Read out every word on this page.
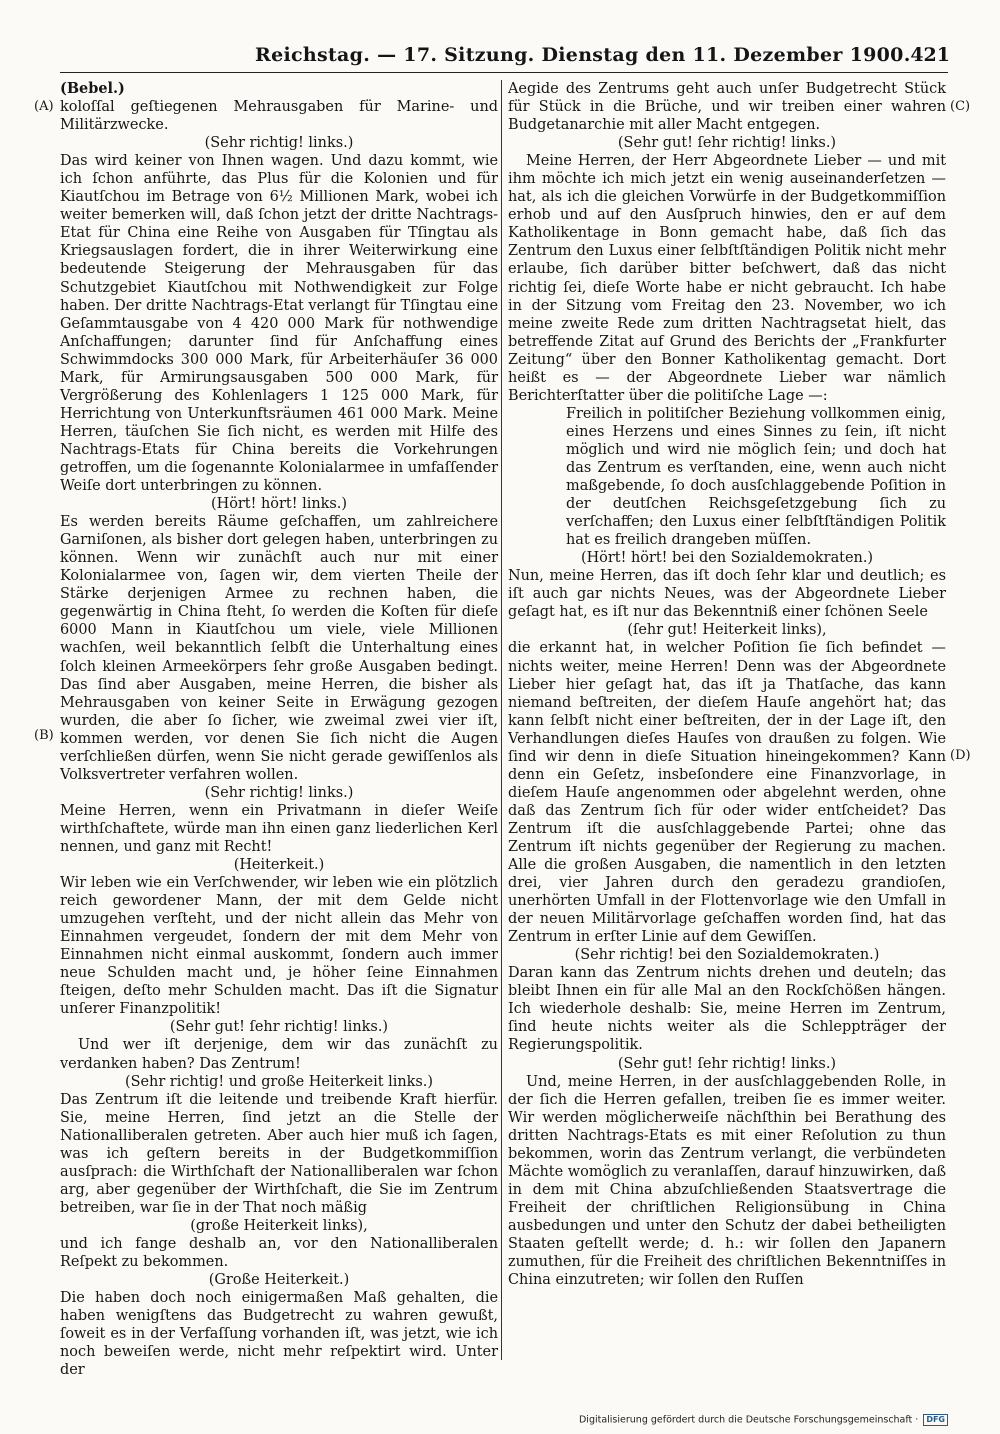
Reichstag. — 17. Sitzung. Dienstag den 11. Dezember 1900. 421
(A)
(B)
(C)
(D)

(Bebel.)

koloſſal geſtiegenen Mehrausgaben für Marine- und Militärzwecke.

(Sehr richtig! links.)

Das wird keiner von Ihnen wagen. Und dazu kommt, wie ich ſchon anführte, das Plus für die Kolonien und für Kiautſchou im Betrage von 6½ Millionen Mark, wobei ich weiter bemerken will, daß ſchon jetzt der dritte Nachtrags-Etat für China eine Reihe von Ausgaben für Tſingtau als Kriegsauslagen fordert, die in ihrer Weiterwirkung eine bedeutende Steigerung der Mehrausgaben für das Schutzgebiet Kiautſchou mit Nothwendigkeit zur Folge haben. Der dritte Nachtrags-Etat verlangt für Tſingtau eine Geſammtausgabe von 4 420 000 Mark für nothwendige Anſchaffungen; darunter ſind für Anſchaffung eines Schwimmdocks 300 000 Mark, für Arbeiterhäuſer 36 000 Mark, für Armirungsausgaben 500 000 Mark, für Vergrößerung des Kohlenlagers 1 125 000 Mark, für Herrichtung von Unterkunftsräumen 461 000 Mark. Meine Herren, täuſchen Sie ſich nicht, es werden mit Hilfe des Nachtrags-Etats für China bereits die Vorkehrungen getroffen, um die ſogenannte Kolonialarmee in umfaſſender Weiſe dort unterbringen zu können.

(Hört! hört! links.)

Es werden bereits Räume geſchaffen, um zahlreichere Garniſonen, als bisher dort gelegen haben, unterbringen zu können. Wenn wir zunächſt auch nur mit einer Kolonialarmee von, ſagen wir, dem vierten Theile der Stärke derjenigen Armee zu rechnen haben, die gegenwärtig in China ſteht, ſo werden die Koſten für dieſe 6000 Mann in Kiautſchou um viele, viele Millionen wachſen, weil bekanntlich ſelbſt die Unterhaltung eines ſolch kleinen Armeekörpers ſehr große Ausgaben bedingt. Das ſind aber Ausgaben, meine Herren, die bisher als Mehrausgaben von keiner Seite in Erwägung gezogen wurden, die aber ſo ſicher, wie zweimal zwei vier iſt, kommen werden, vor denen Sie ſich nicht die Augen verſchließen dürfen, wenn Sie nicht gerade gewiſſenlos als Volksvertreter verfahren wollen.

(Sehr richtig! links.)

Meine Herren, wenn ein Privatmann in dieſer Weiſe wirthſchaftete, würde man ihn einen ganz liederlichen Kerl nennen, und ganz mit Recht!

(Heiterkeit.)

Wir leben wie ein Verſchwender, wir leben wie ein plötzlich reich gewordener Mann, der mit dem Gelde nicht umzugehen verſteht, und der nicht allein das Mehr von Einnahmen vergeudet, ſondern der mit dem Mehr von Einnahmen nicht einmal auskommt, ſondern auch immer neue Schulden macht und, je höher ſeine Einnahmen ſteigen, deſto mehr Schulden macht. Das iſt die Signatur unſerer Finanzpolitik!

(Sehr gut! ſehr richtig! links.)

Und wer iſt derjenige, dem wir das zunächſt zu verdanken haben? Das Zentrum!

(Sehr richtig! und große Heiterkeit links.)

Das Zentrum iſt die leitende und treibende Kraft hierfür. Sie, meine Herren, ſind jetzt an die Stelle der Nationalliberalen getreten. Aber auch hier muß ich ſagen, was ich geſtern bereits in der Budgetkommiſſion ausſprach: die Wirthſchaft der Nationalliberalen war ſchon arg, aber gegenüber der Wirthſchaft, die Sie im Zentrum betreiben, war ſie in der That noch mäßig

(große Heiterkeit links),

und ich fange deshalb an, vor den Nationalliberalen Reſpekt zu bekommen.

(Große Heiterkeit.)

Die haben doch noch einigermaßen Maß gehalten, die haben wenigſtens das Budgetrecht zu wahren gewußt, ſoweit es in der Verfaſſung vorhanden iſt, was jetzt, wie ich noch beweiſen werde, nicht mehr reſpektirt wird. Unter der

Aegide des Zentrums geht auch unſer Budgetrecht Stück für Stück in die Brüche, und wir treiben einer wahren Budgetanarchie mit aller Macht entgegen.

(Sehr gut! ſehr richtig! links.)

Meine Herren, der Herr Abgeordnete Lieber — und mit ihm möchte ich mich jetzt ein wenig auseinanderſetzen — hat, als ich die gleichen Vorwürfe in der Budgetkommiſſion erhob und auf den Ausſpruch hinwies, den er auf dem Katholikentage in Bonn gemacht habe, daß ſich das Zentrum den Luxus einer ſelbſtſtändigen Politik nicht mehr erlaube, ſich darüber bitter beſchwert, daß das nicht richtig ſei, dieſe Worte habe er nicht gebraucht. Ich habe in der Sitzung vom Freitag den 23. November, wo ich meine zweite Rede zum dritten Nachtragsetat hielt, das betreffende Zitat auf Grund des Berichts der „Frankfurter Zeitung“ über den Bonner Katholikentag gemacht. Dort heißt es — der Abgeordnete Lieber war nämlich Berichterſtatter über die politiſche Lage —:

Freilich in politiſcher Beziehung vollkommen einig, eines Herzens und eines Sinnes zu ſein, iſt nicht möglich und wird nie möglich ſein; und doch hat das Zentrum es verſtanden, eine, wenn auch nicht maßgebende, ſo doch ausſchlaggebende Poſition in der deutſchen Reichsgeſetzgebung ſich zu verſchaffen; den Luxus einer ſelbſtſtändigen Politik hat es freilich drangeben müſſen.

(Hört! hört! bei den Sozialdemokraten.)

Nun, meine Herren, das iſt doch ſehr klar und deutlich; es iſt auch gar nichts Neues, was der Abgeordnete Lieber geſagt hat, es iſt nur das Bekenntniß einer ſchönen Seele

(ſehr gut! Heiterkeit links),

die erkannt hat, in welcher Poſition ſie ſich befindet — nichts weiter, meine Herren! Denn was der Abgeordnete Lieber hier geſagt hat, das iſt ja Thatſache, das kann niemand beſtreiten, der dieſem Hauſe angehört hat; das kann ſelbſt nicht einer beſtreiten, der in der Lage iſt, den Verhandlungen dieſes Hauſes von draußen zu folgen. Wie ſind wir denn in dieſe Situation hineingekommen? Kann denn ein Geſetz, insbeſondere eine Finanzvorlage, in dieſem Hauſe angenommen oder abgelehnt werden, ohne daß das Zentrum ſich für oder wider entſcheidet? Das Zentrum iſt die ausſchlaggebende Partei; ohne das Zentrum iſt nichts gegenüber der Regierung zu machen. Alle die großen Ausgaben, die namentlich in den letzten drei, vier Jahren durch den geradezu grandioſen, unerhörten Umfall in der Flottenvorlage wie den Umfall in der neuen Militärvorlage geſchaffen worden ſind, hat das Zentrum in erſter Linie auf dem Gewiſſen.

(Sehr richtig! bei den Sozialdemokraten.)

Daran kann das Zentrum nichts drehen und deuteln; das bleibt Ihnen ein für alle Mal an den Rockſchößen hängen. Ich wiederhole deshalb: Sie, meine Herren im Zentrum, ſind heute nichts weiter als die Schleppträger der Regierungspolitik.

(Sehr gut! ſehr richtig! links.)

Und, meine Herren, in der ausſchlaggebenden Rolle, in der ſich die Herren gefallen, treiben ſie es immer weiter. Wir werden möglicherweiſe nächſthin bei Berathung des dritten Nachtrags-Etats es mit einer Reſolution zu thun bekommen, worin das Zentrum verlangt, die verbündeten Mächte womöglich zu veranlaſſen, darauf hinzuwirken, daß in dem mit China abzuſchließenden Staatsvertrage die Freiheit der chriſtlichen Religionsübung in China ausbedungen und unter den Schutz der dabei betheiligten Staaten geſtellt werde; d. h.: wir ſollen den Japanern zumuthen, für die Freiheit des chriſtlichen Bekenntniſſes in China einzutreten; wir ſollen den Ruſſen

Digitalisierung gefördert durch die Deutsche Forschungsgemeinschaft · DFG
